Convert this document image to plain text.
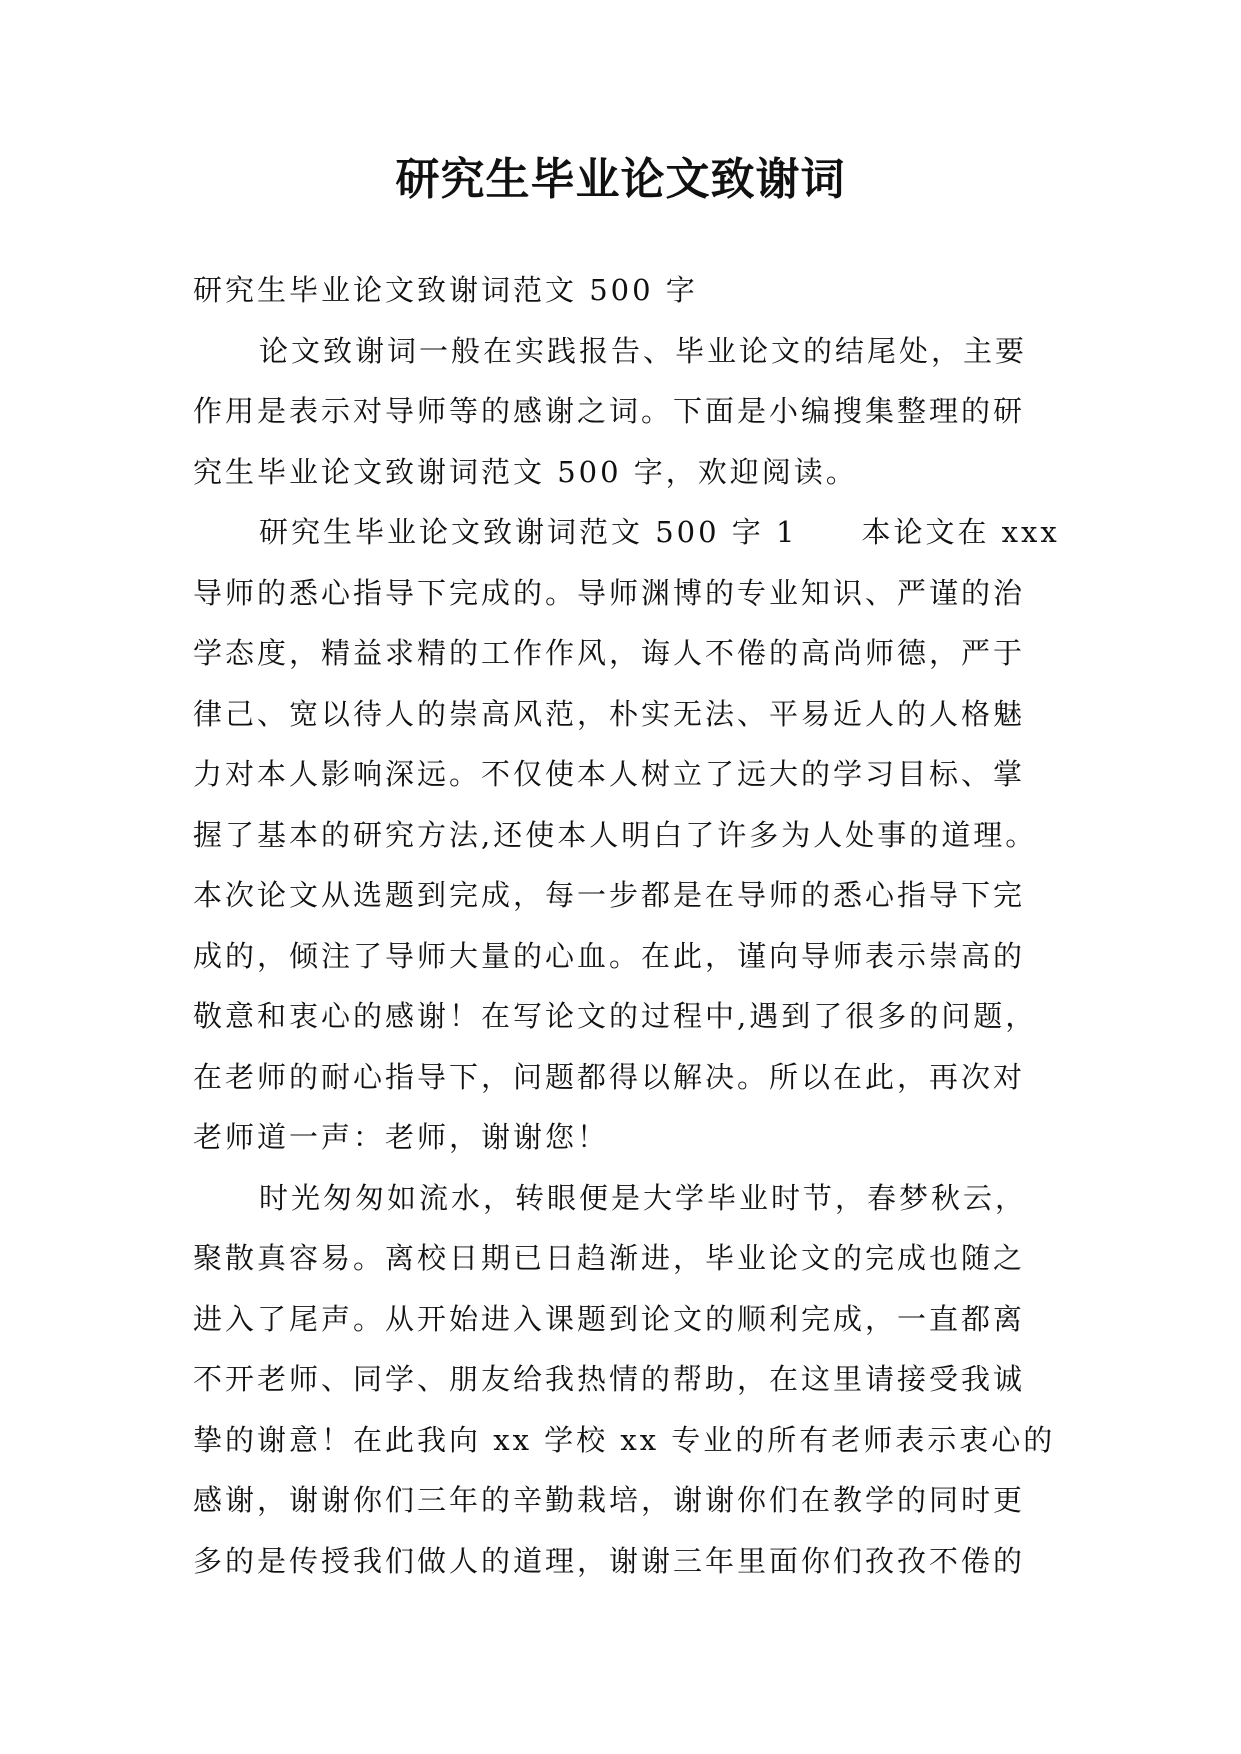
研究生毕业论文致谢词

研究生毕业论文致谢词范文 500 字

论文致谢词一般在实践报告、毕业论文的结尾处，主要

作用是表示对导师等的感谢之词。下面是小编搜集整理的研

究生毕业论文致谢词范文 500 字，欢迎阅读。

研究生毕业论文致谢词范文 500 字 1　　本论文在 xxx

导师的悉心指导下完成的。导师渊博的专业知识、严谨的治

学态度，精益求精的工作作风，诲人不倦的高尚师德，严于

律己、宽以待人的崇高风范，朴实无法、平易近人的人格魅

力对本人影响深远。不仅使本人树立了远大的学习目标、掌

握了基本的研究方法,还使本人明白了许多为人处事的道理。

本次论文从选题到完成，每一步都是在导师的悉心指导下完

成的，倾注了导师大量的心血。在此，谨向导师表示崇高的

敬意和衷心的感谢！在写论文的过程中,遇到了很多的问题，

在老师的耐心指导下，问题都得以解决。所以在此，再次对

老师道一声：老师，谢谢您！

时光匆匆如流水，转眼便是大学毕业时节，春梦秋云，

聚散真容易。离校日期已日趋渐进，毕业论文的完成也随之

进入了尾声。从开始进入课题到论文的顺利完成，一直都离

不开老师、同学、朋友给我热情的帮助，在这里请接受我诚

挚的谢意！在此我向 xx 学校 xx 专业的所有老师表示衷心的

感谢，谢谢你们三年的辛勤栽培，谢谢你们在教学的同时更

多的是传授我们做人的道理，谢谢三年里面你们孜孜不倦的
